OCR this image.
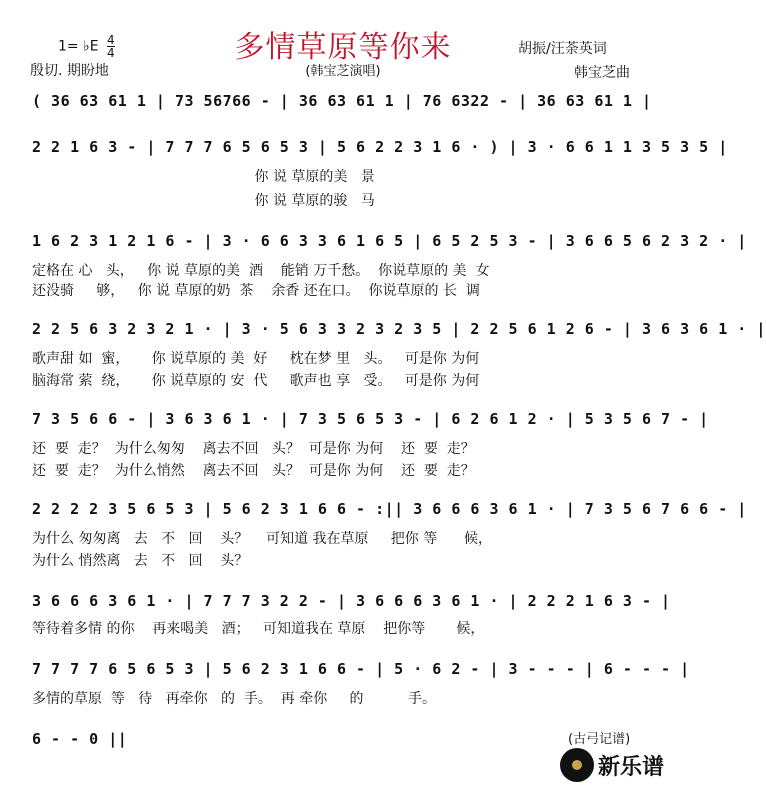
多情草原等你来
1= ♭E $\frac{4}{4}$
殷切. 期盼地	(韩宝芝演唱)
胡振/汪荼英词
韩宝芝曲
( 36 63 61 1 | 73 56766 - | 36 63 61 1 | 76 6322 - | 36 63 61 1 |
2 2 1 6 3 - | 7 7 7 6 5 6 5 3 | 5 6 2 2 3 1 6 · ) | 3 · 6 6 1 1 3 5 3 5 |
你 说 草原的美   景
你 说 草原的骏   马
1 6 2 3 1 2 1 6 - | 3 · 6 6 3 3 6 1 6 5 | 6 5 2 5 3 - | 3 6 6 5 6 2 3 2 · |
定格在 心   头，   你 说 草原的美  酒    能销 万千愁。  你说草原的 美  女
还没骑     够，   你 说 草原的奶  茶    余香 还在口。  你说草原的 长  调
2 2 5 6 3 2 3 2 1 · | 3 · 5 6 3 3 2 3 2 3 5 | 2 2 5 6 1 2 6 - | 3 6 3 6 1 · |
歌声甜 如  蜜，     你 说草原的 美  好     枕在梦 里   头。   可是你 为何
脑海常 萦  绕，     你 说草原的 安  代     歌声也 享   受。   可是你 为何
7 3 5 6 6 - | 3 6 3 6 1 · | 7 3 5 6 5 3 - | 6 2 6 1 2 · | 5 3 5 6 7 - |
还  要  走？  为什么匆匆    离去不回   头？  可是你 为何    还  要  走？
还  要  走？  为什么悄然    离去不回   头？  可是你 为何    还  要  走？
2 2 2 2 3 5 6 5 3 | 5 6 2 3 1 6 6 - :|| 3 6 6 6 3 6 1 · | 7 3 5 6 7 6 6 - |
为什么 匆匆离   去   不   回    头？    可知道 我在草原     把你 等      候，
为什么 悄然离   去   不   回    头？
3 6 6 6 3 6 1 · | 7 7 7 3 2 2 - | 3 6 6 6 3 6 1 · | 2 2 2 1 6 3 - |
等待着多情 的你    再来喝美   酒；   可知道我在 草原    把你等       候，
7 7 7 7 6 5 6 5 3 | 5 6 2 3 1 6 6 - | 5 · 6 2 - | 3 - - - | 6 - - - |
多情的草原  等   待   再牵你   的  手。  再 牵你     的          手。
6 - - 0 ||	(古弓记谱)
新乐谱
